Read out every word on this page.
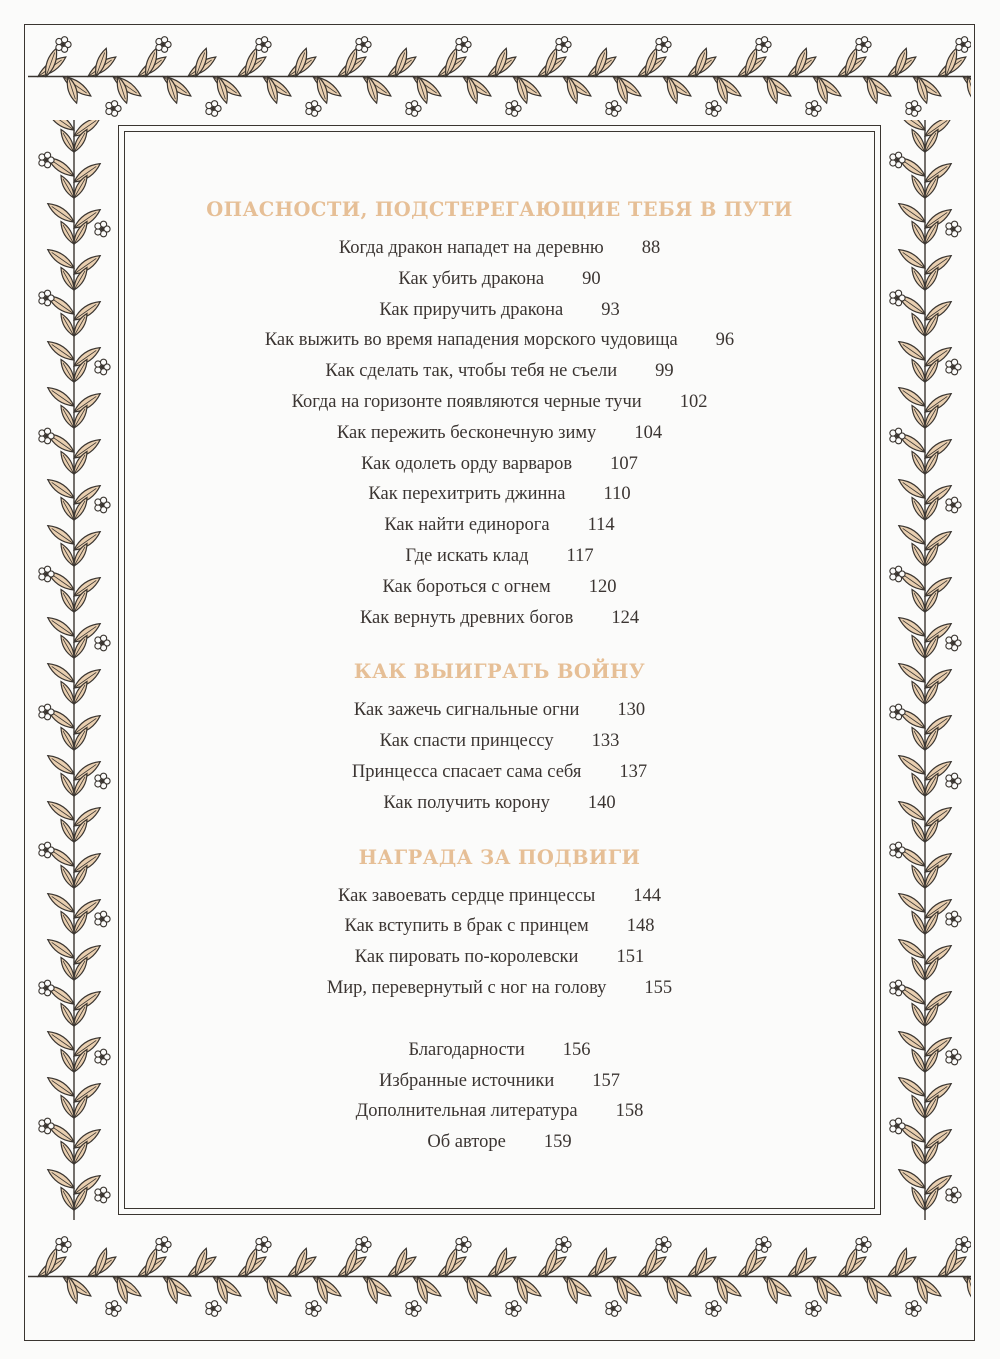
ОПАСНОСТИ, ПОДСТЕРЕГАЮЩИЕ ТЕБЯ В ПУТИ
Когда дракон нападет на деревню 88
Как убить дракона 90
Как приручить дракона 93
Как выжить во время нападения морского чудовища 96
Как сделать так, чтобы тебя не съели 99
Когда на горизонте появляются черные тучи 102
Как пережить бесконечную зиму 104
Как одолеть орду варваров 107
Как перехитрить джинна 110
Как найти единорога 114
Где искать клад 117
Как бороться с огнем 120
Как вернуть древних богов 124
КАК ВЫИГРАТЬ ВОЙНУ
Как зажечь сигнальные огни 130
Как спасти принцессу 133
Принцесса спасает сама себя 137
Как получить корону 140
НАГРАДА ЗА ПОДВИГИ
Как завоевать сердце принцессы 144
Как вступить в брак с принцем 148
Как пировать по-королевски 151
Мир, перевернутый с ног на голову 155
Благодарности 156
Избранные источники 157
Дополнительная литература 158
Об авторе 159
